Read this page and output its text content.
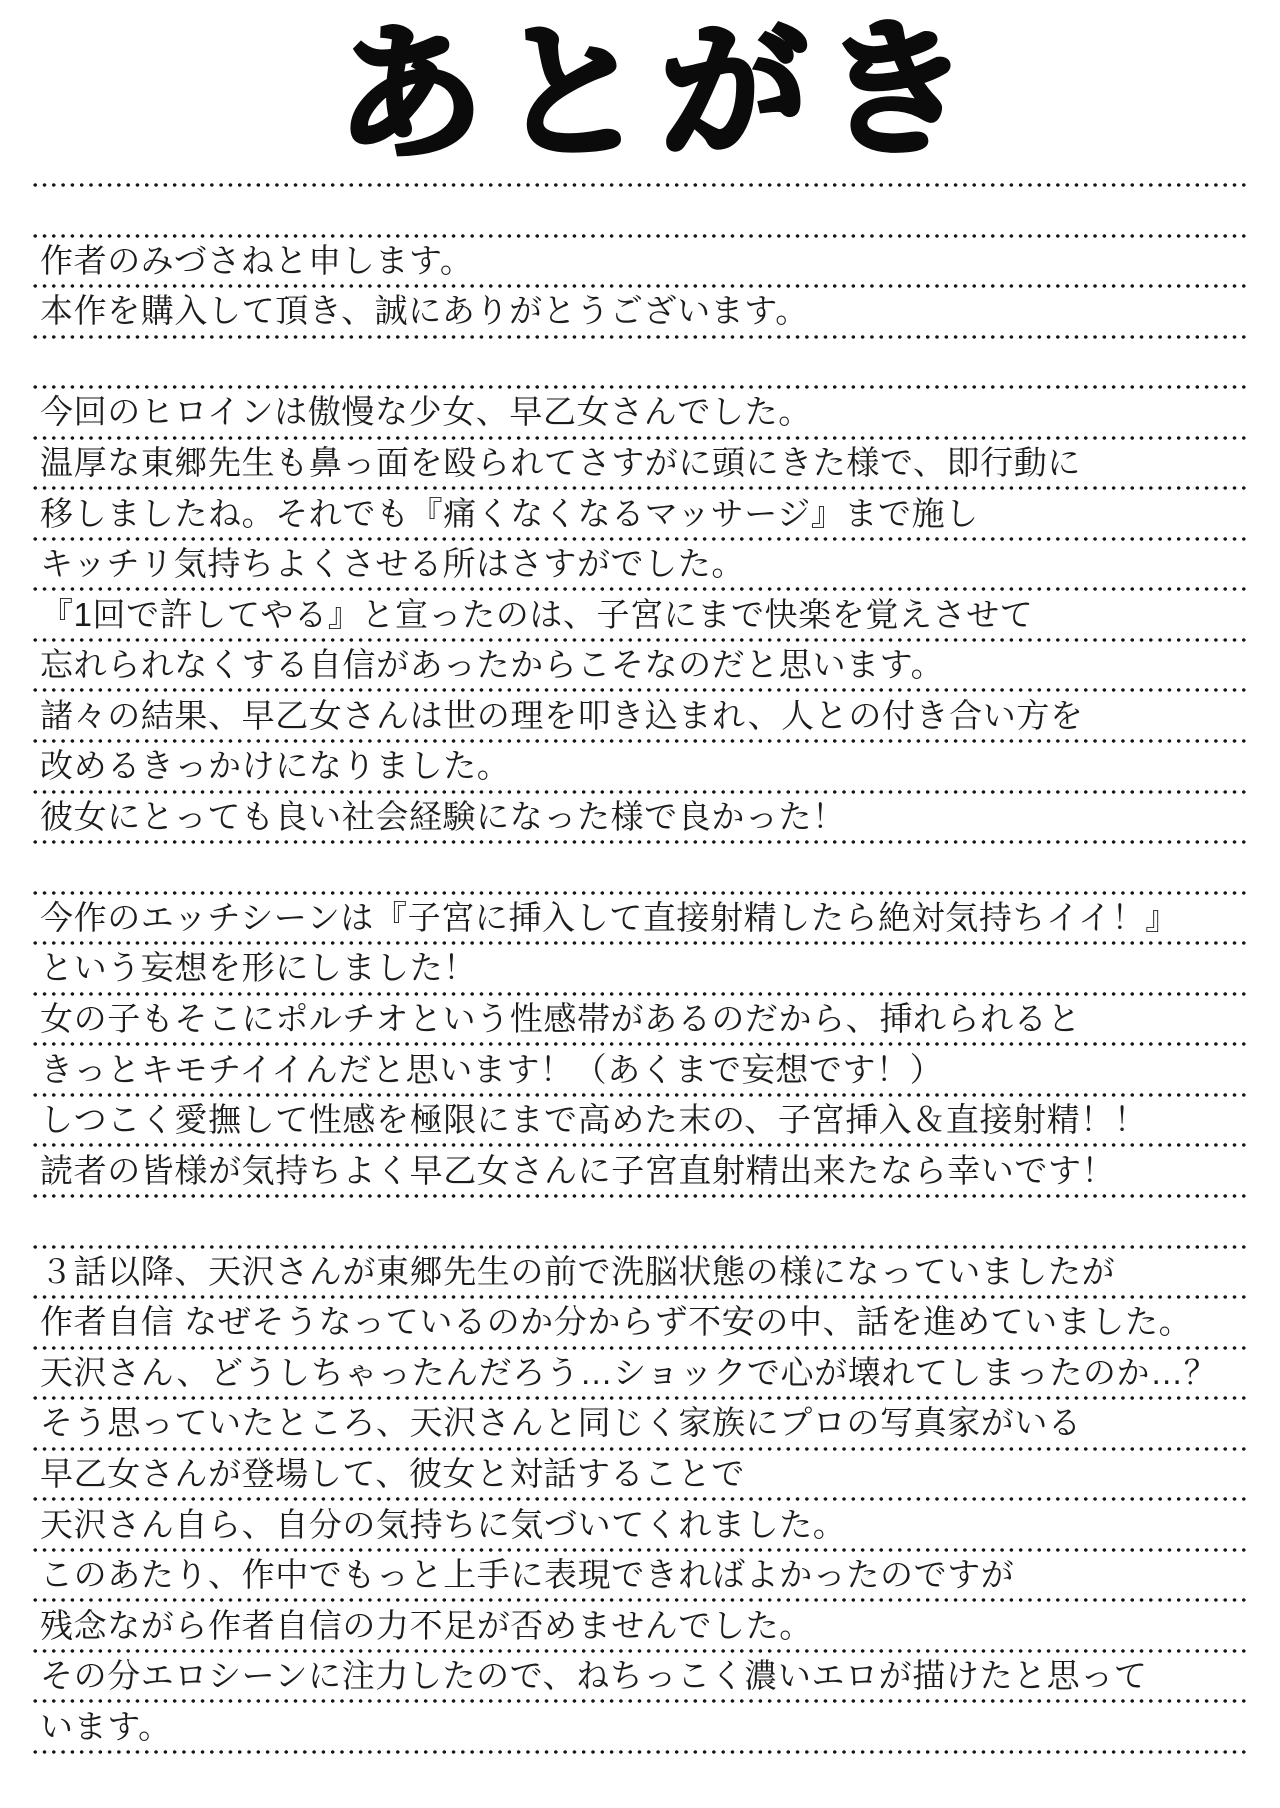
あとがき
作者のみづさねと申します。
本作を購入して頂き、誠にありがとうございます。
今回のヒロインは傲慢な少女、早乙女さんでした。
温厚な東郷先生も鼻っ面を殴られてさすがに頭にきた様で、即行動に
移しましたね。それでも『痛くなくなるマッサージ』まで施し
キッチリ気持ちよくさせる所はさすがでした。
『1回で許してやる』と宣ったのは、子宮にまで快楽を覚えさせて
忘れられなくする自信があったからこそなのだと思います。
諸々の結果、早乙女さんは世の理を叩き込まれ、人との付き合い方を
改めるきっかけになりました。
彼女にとっても良い社会経験になった様で良かった！
今作のエッチシーンは『子宮に挿入して直接射精したら絶対気持ちイイ！』
という妄想を形にしました！
女の子もそこにポルチオという性感帯があるのだから、挿れられると
きっとキモチイイんだと思います！（あくまで妄想です！）
しつこく愛撫して性感を極限にまで高めた末の、子宮挿入＆直接射精！！
読者の皆様が気持ちよく早乙女さんに子宮直射精出来たなら幸いです！
３話以降、天沢さんが東郷先生の前で洗脳状態の様になっていましたが
作者自信 なぜそうなっているのか分からず不安の中、話を進めていました。
天沢さん、どうしちゃったんだろう…ショックで心が壊れてしまったのか…？
そう思っていたところ、天沢さんと同じく家族にプロの写真家がいる
早乙女さんが登場して、彼女と対話することで
天沢さん自ら、自分の気持ちに気づいてくれました。
このあたり、作中でもっと上手に表現できればよかったのですが
残念ながら作者自信の力不足が否めませんでした。
その分エロシーンに注力したので、ねちっこく濃いエロが描けたと思って
います。
